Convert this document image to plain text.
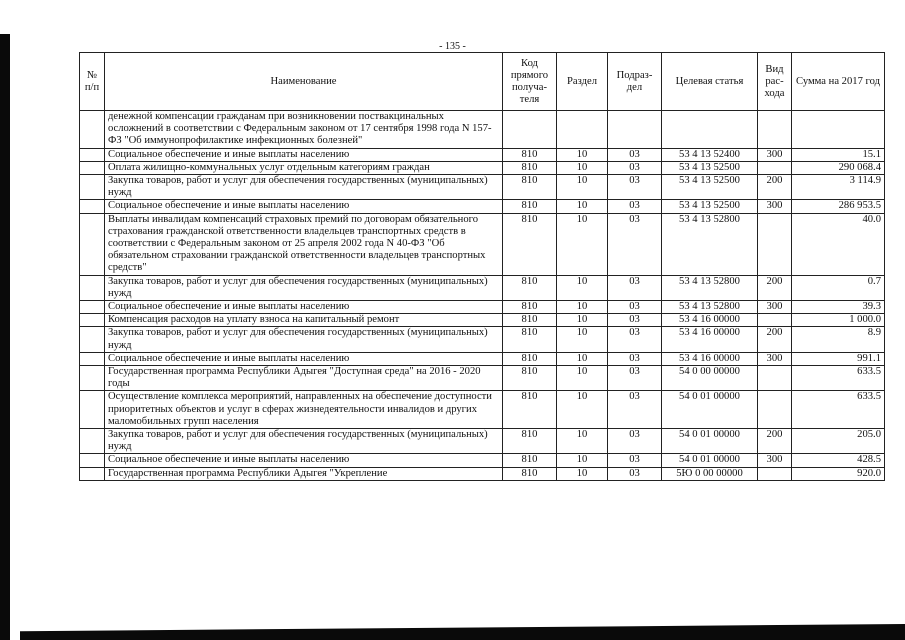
- 135 -
№ п/п	Наименование	Код прямого получа-теля	Раздел	Подраз-дел	Целевая статья	Вид рас-хода	Сумма на 2017 год
	денежной компенсации гражданам при возникновении поствакцинальных осложнений в соответствии с Федеральным законом от 17 сентября 1998 года N 157-ФЗ "Об иммунопрофилактике инфекционных болезней"						
	Социальное обеспечение и иные выплаты населению	810	10	03	53 4 13 52400	300	15.1
	Оплата жилищно-коммунальных услуг отдельным категориям граждан	810	10	03	53 4 13 52500		290 068.4
	Закупка товаров, работ и услуг для обеспечения государственных (муниципальных) нужд	810	10	03	53 4 13 52500	200	3 114.9
	Социальное обеспечение и иные выплаты населению	810	10	03	53 4 13 52500	300	286 953.5
	Выплаты инвалидам компенсаций страховых премий по договорам обязательного страхования гражданской ответственности владельцев транспортных средств в соответствии с Федеральным законом от 25 апреля 2002 года N 40-ФЗ "Об обязательном страховании гражданской ответственности владельцев транспортных средств"	810	10	03	53 4 13 52800		40.0
	Закупка товаров, работ и услуг для обеспечения государственных (муниципальных) нужд	810	10	03	53 4 13 52800	200	0.7
	Социальное обеспечение и иные выплаты населению	810	10	03	53 4 13 52800	300	39.3
	Компенсация расходов на уплату взноса на капитальный ремонт	810	10	03	53 4 16 00000		1 000.0
	Закупка товаров, работ и услуг для обеспечения государственных (муниципальных) нужд	810	10	03	53 4 16 00000	200	8.9
	Социальное обеспечение и иные выплаты населению	810	10	03	53 4 16 00000	300	991.1
	Государственная программа Республики Адыгея "Доступная среда" на 2016 - 2020 годы	810	10	03	54 0 00 00000		633.5
	Осуществление комплекса мероприятий, направленных на обеспечение доступности приоритетных объектов и услуг в сферах жизнедеятельности инвалидов и других маломобильных групп населения	810	10	03	54 0 01 00000		633.5
	Закупка товаров, работ и услуг для обеспечения государственных (муниципальных) нужд	810	10	03	54 0 01 00000	200	205.0
	Социальное обеспечение и иные выплаты населению	810	10	03	54 0 01 00000	300	428.5
	Государственная программа Республики Адыгея "Укрепление	810	10	03	5Ю 0 00 00000		920.0
